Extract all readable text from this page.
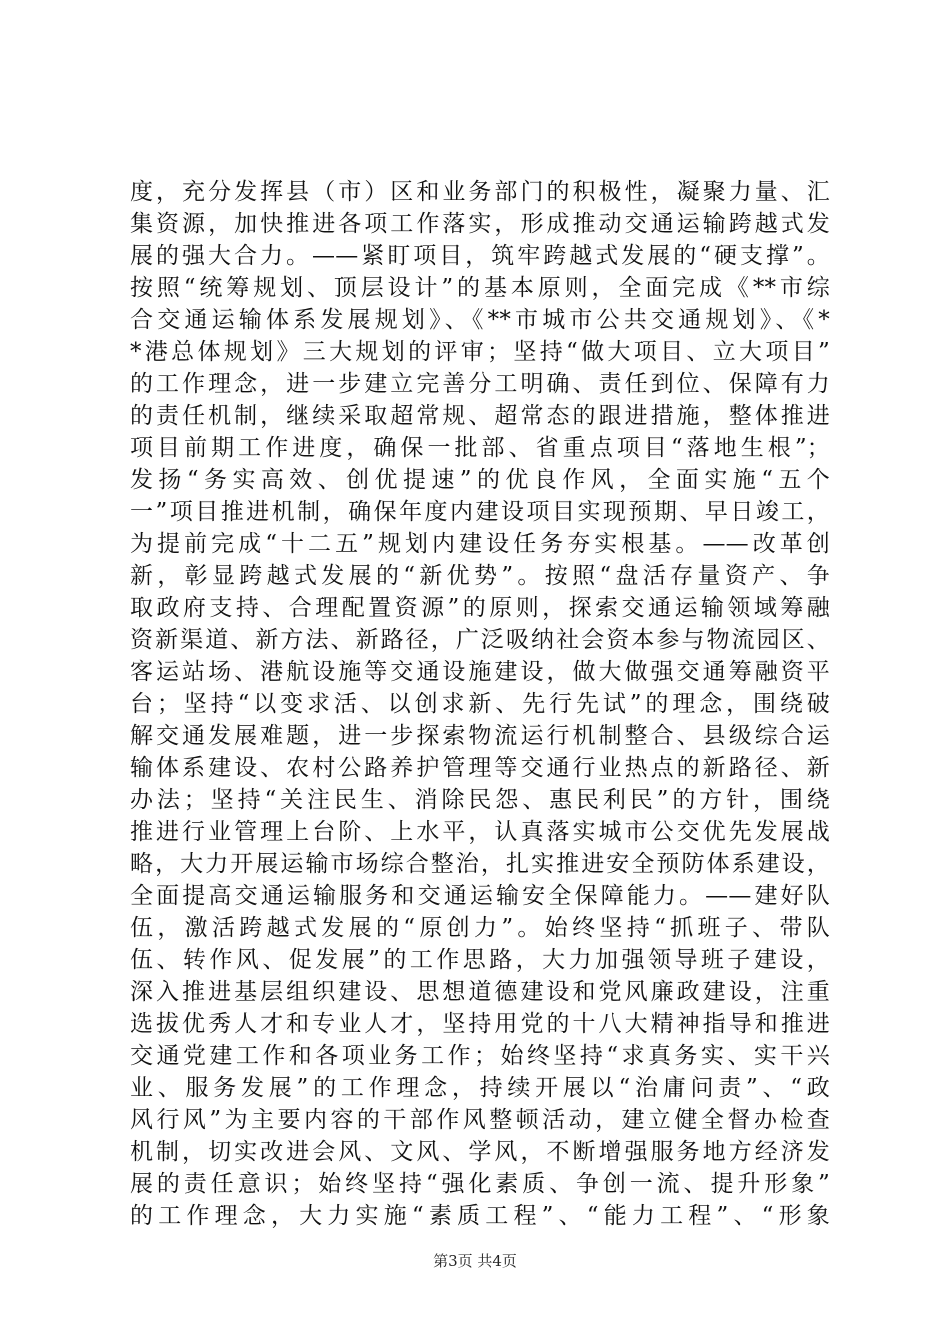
度，充分发挥县（市）区和业务部门的积极性，凝聚力量、汇
集资源，加快推进各项工作落实，形成推动交通运输跨越式发
展的强大合力。——紧盯项目，筑牢跨越式发展的“硬支撑”。
按照“统筹规划、顶层设计”的基本原则，全面完成《**市综
合交通运输体系发展规划》、《**市城市公共交通规划》、《*
*港总体规划》三大规划的评审；坚持“做大项目、立大项目”
的工作理念，进一步建立完善分工明确、责任到位、保障有力
的责任机制，继续采取超常规、超常态的跟进措施，整体推进
项目前期工作进度，确保一批部、省重点项目“落地生根”；
发扬“务实高效、创优提速”的优良作风，全面实施“五个
一”项目推进机制，确保年度内建设项目实现预期、早日竣工，
为提前完成“十二五”规划内建设任务夯实根基。——改革创
新，彰显跨越式发展的“新优势”。按照“盘活存量资产、争
取政府支持、合理配置资源”的原则，探索交通运输领域筹融
资新渠道、新方法、新路径，广泛吸纳社会资本参与物流园区、
客运站场、港航设施等交通设施建设，做大做强交通筹融资平
台；坚持“以变求活、以创求新、先行先试”的理念，围绕破
解交通发展难题，进一步探索物流运行机制整合、县级综合运
输体系建设、农村公路养护管理等交通行业热点的新路径、新
办法；坚持“关注民生、消除民怨、惠民利民”的方针，围绕
推进行业管理上台阶、上水平，认真落实城市公交优先发展战
略，大力开展运输市场综合整治，扎实推进安全预防体系建设，
全面提高交通运输服务和交通运输安全保障能力。——建好队
伍，激活跨越式发展的“原创力”。始终坚持“抓班子、带队
伍、转作风、促发展”的工作思路，大力加强领导班子建设，
深入推进基层组织建设、思想道德建设和党风廉政建设，注重
选拔优秀人才和专业人才，坚持用党的十八大精神指导和推进
交通党建工作和各项业务工作；始终坚持“求真务实、实干兴
业、服务发展”的工作理念，持续开展以“治庸问责”、“政
风行风”为主要内容的干部作风整顿活动，建立健全督办检查
机制，切实改进会风、文风、学风，不断增强服务地方经济发
展的责任意识；始终坚持“强化素质、争创一流、提升形象”
的工作理念，大力实施“素质工程”、“能力工程”、“形象
第3页 共4页
